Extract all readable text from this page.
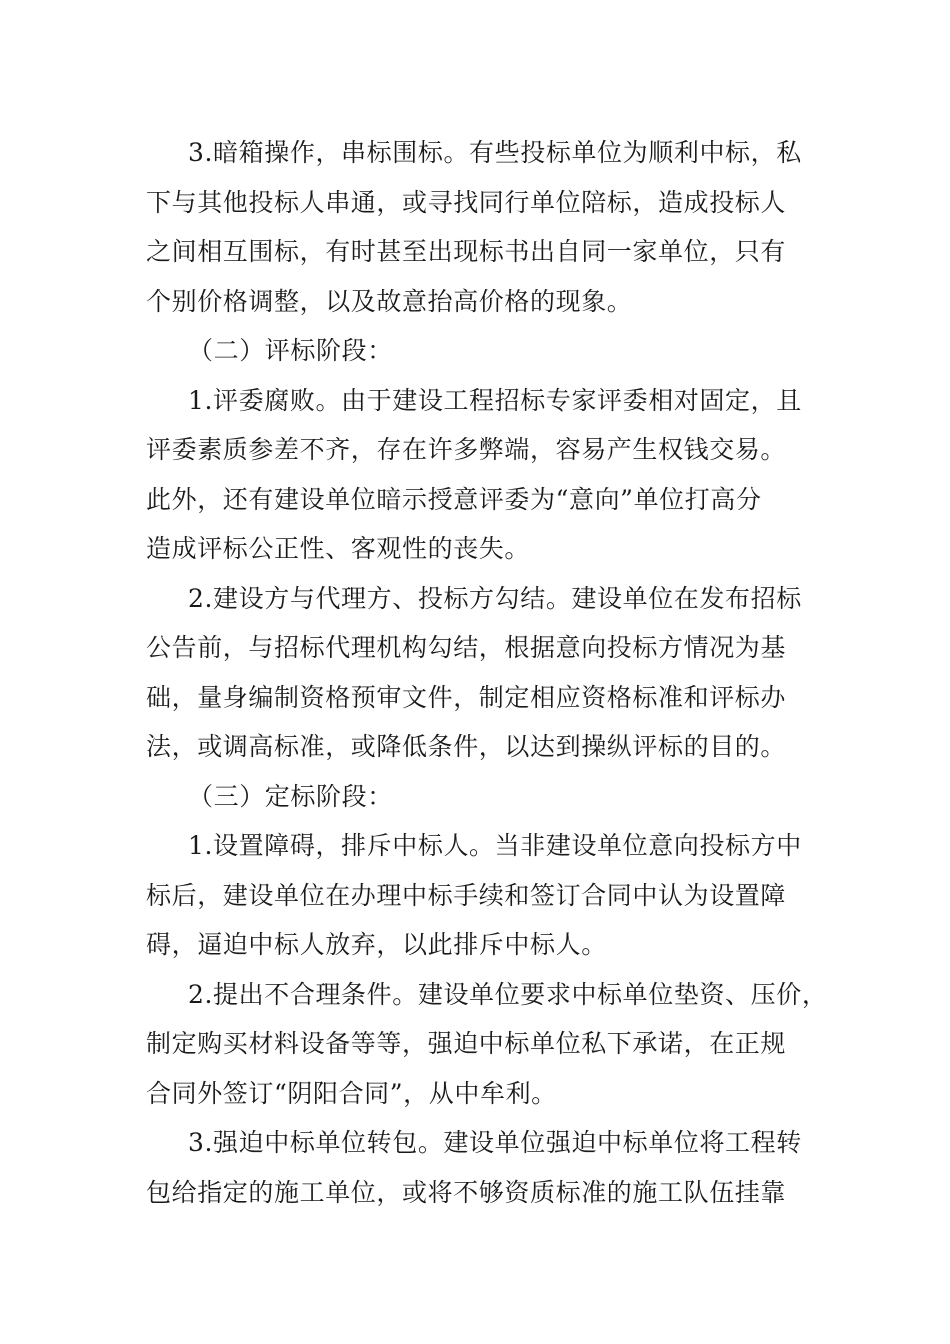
3.暗箱操作，串标围标。有些投标单位为顺利中标，私
下与其他投标人串通，或寻找同行单位陪标，造成投标人
之间相互围标，有时甚至出现标书出自同一家单位，只有
个别价格调整，以及故意抬高价格的现象。
（二）评标阶段：
1.评委腐败。由于建设工程招标专家评委相对固定，且
评委素质参差不齐，存在许多弊端，容易产生权钱交易。
此外，还有建设单位暗示授意评委为“意向”单位打高分
造成评标公正性、客观性的丧失。
2.建设方与代理方、投标方勾结。建设单位在发布招标
公告前，与招标代理机构勾结，根据意向投标方情况为基
础，量身编制资格预审文件，制定相应资格标准和评标办
法，或调高标准，或降低条件，以达到操纵评标的目的。
（三）定标阶段：
1.设置障碍，排斥中标人。当非建设单位意向投标方中
标后，建设单位在办理中标手续和签订合同中认为设置障
碍，逼迫中标人放弃，以此排斥中标人。
2.提出不合理条件。建设单位要求中标单位垫资、压价，
制定购买材料设备等等，强迫中标单位私下承诺，在正规
合同外签订“阴阳合同”，从中牟利。
3.强迫中标单位转包。建设单位强迫中标单位将工程转
包给指定的施工单位，或将不够资质标准的施工队伍挂靠
